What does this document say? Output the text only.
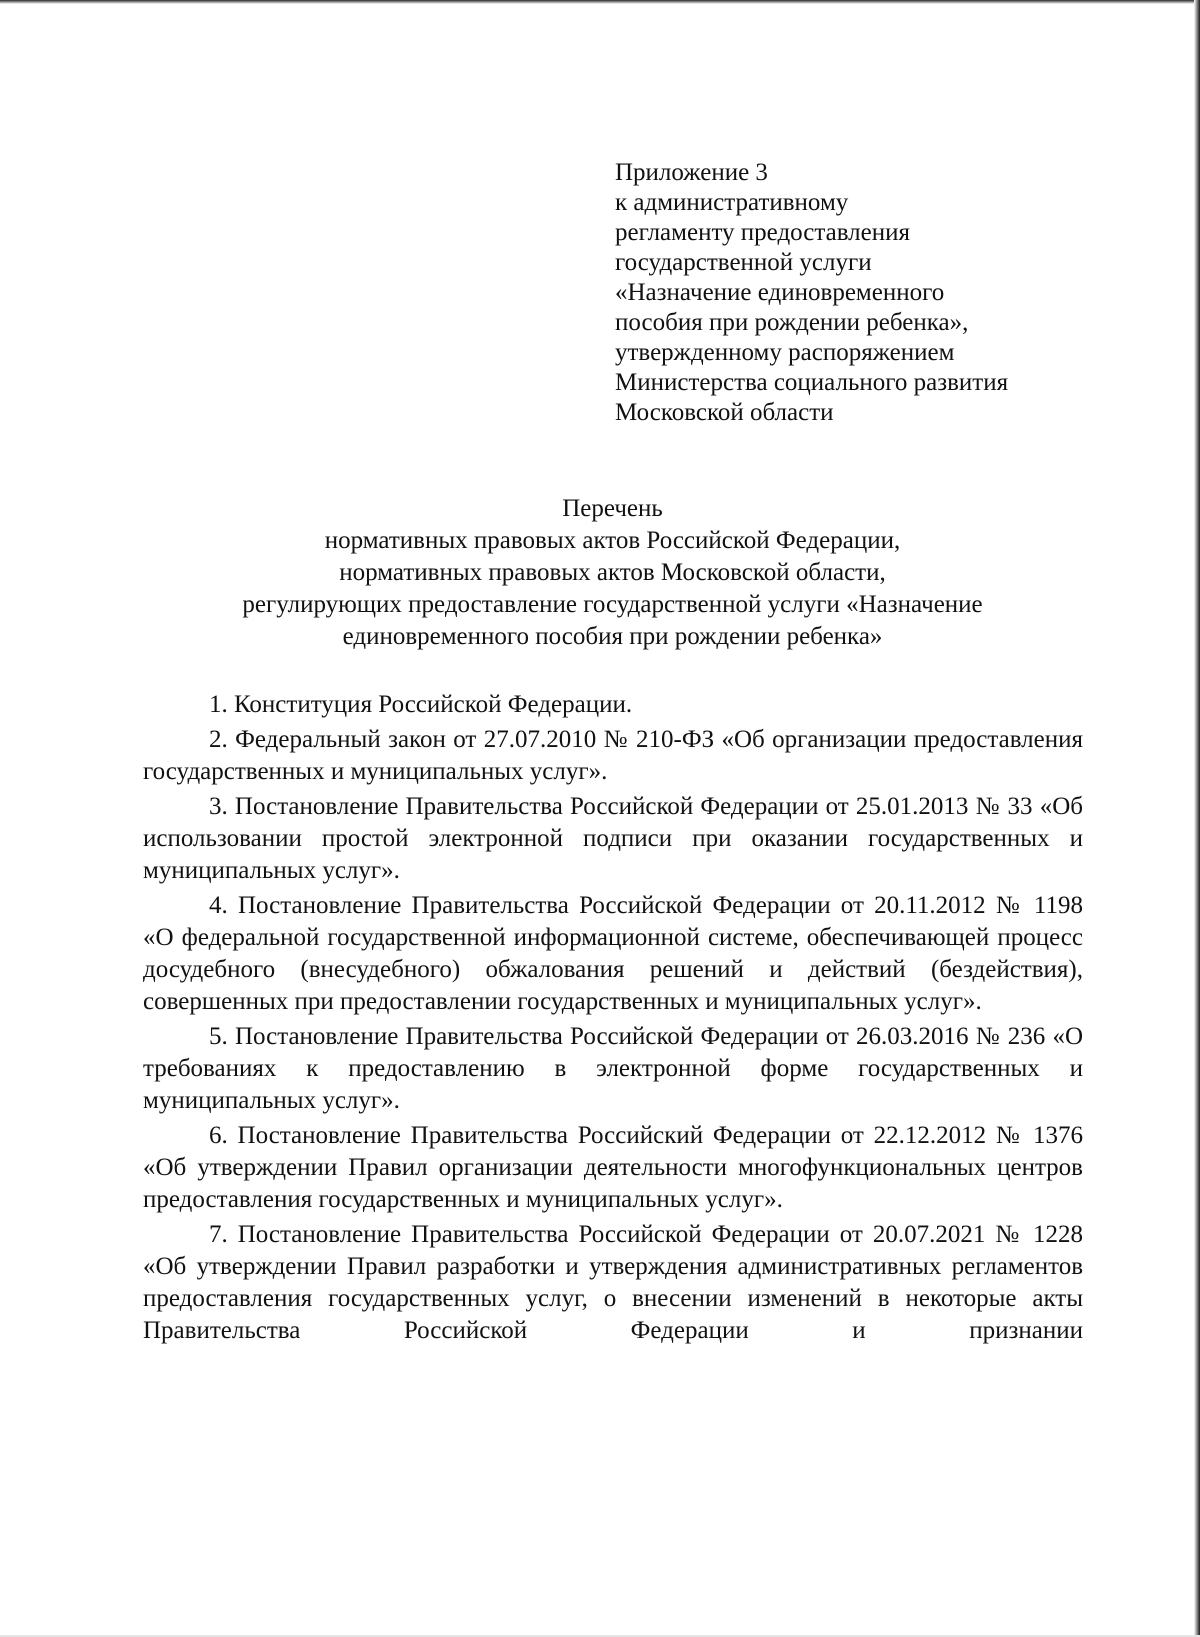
Приложение 3
к административному
регламенту предоставления
государственной услуги
«Назначение единовременного
пособия при рождении ребенка»,
утвержденному распоряжением
Министерства социального развития
Московской области
Перечень
нормативных правовых актов Российской Федерации,
нормативных правовых актов Московской области,
регулирующих предоставление государственной услуги «Назначение
единовременного пособия при рождении ребенка»

1. Конституция Российской Федерации.

2. Федеральный закон от 27.07.2010 № 210-ФЗ «Об организации предоставления государственных и муниципальных услуг».

3. Постановление Правительства Российской Федерации от 25.01.2013 № 33 «Об использовании простой электронной подписи при оказании государственных и муниципальных услуг».

4. Постановление Правительства Российской Федерации от 20.11.2012 № 1198 «О федеральной государственной информационной системе, обеспечивающей процесс досудебного (внесудебного) обжалования решений и действий (бездействия), совершенных при предоставлении государственных и муниципальных услуг».

5. Постановление Правительства Российской Федерации от 26.03.2016 № 236 «О требованиях к предоставлению в электронной форме государственных и муниципальных услуг».

6. Постановление Правительства Российский Федерации от 22.12.2012 № 1376 «Об утверждении Правил организации деятельности многофункциональных центров предоставления государственных и муниципальных услуг».

7. Постановление Правительства Российской Федерации от 20.07.2021 № 1228 «Об утверждении Правил разработки и утверждения административных регламентов предоставления государственных услуг, о внесении изменений в некоторые акты Правительства Российской Федерации и признании
